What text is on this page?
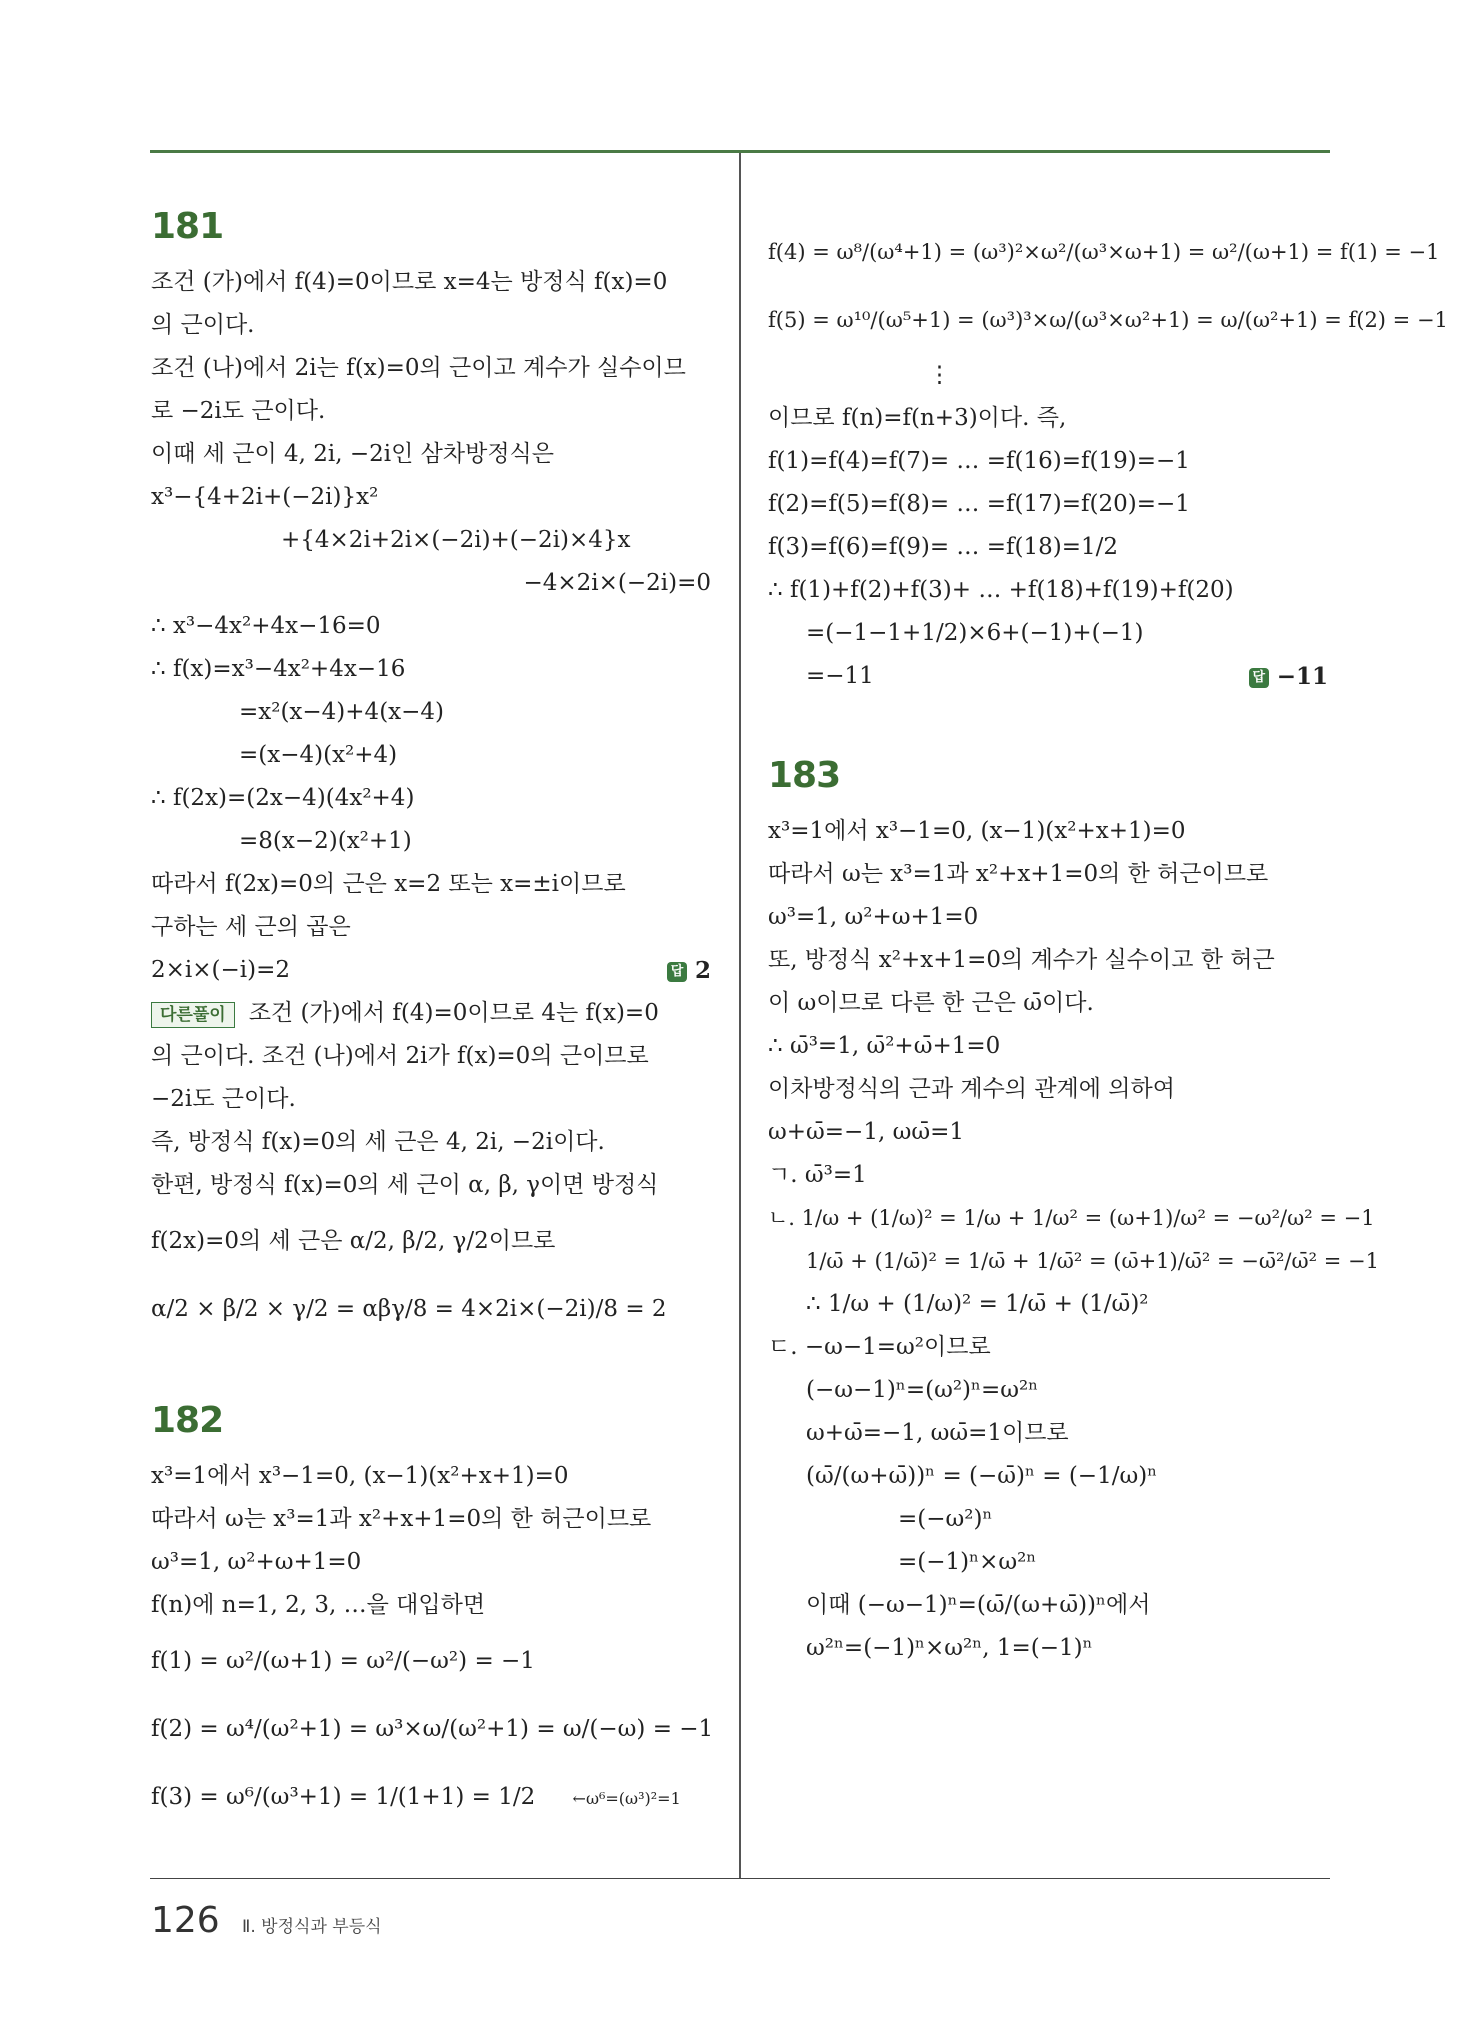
181
조건 (가)에서 f(4)=0이므로 x=4는 방정식 f(x)=0
의 근이다.
조건 (나)에서 2i는 f(x)=0의 근이고 계수가 실수이므
로 −2i도 근이다.
이때 세 근이 4, 2i, −2i인 삼차방정식은
x³−{4+2i+(−2i)}x²
+{4×2i+2i×(−2i)+(−2i)×4}x
−4×2i×(−2i)=0
∴ x³−4x²+4x−16=0
∴ f(x)=x³−4x²+4x−16
=x²(x−4)+4(x−4)
=(x−4)(x²+4)
∴ f(2x)=(2x−4)(4x²+4)
=8(x−2)(x²+1)
따라서 f(2x)=0의 근은 x=2 또는 x=±i이므로
구하는 세 근의 곱은
2×i×(−i)=2	답 2
다른풀이 조건 (가)에서 f(4)=0이므로 4는 f(x)=0
의 근이다. 조건 (나)에서 2i가 f(x)=0의 근이므로
−2i도 근이다.
즉, 방정식 f(x)=0의 세 근은 4, 2i, −2i이다.
한편, 방정식 f(x)=0의 세 근이 α, β, γ이면 방정식
f(2x)=0의 세 근은 α/2, β/2, γ/2이므로
α/2 × β/2 × γ/2 = αβγ/8 = 4×2i×(−2i)/8 = 2
182
x³=1에서 x³−1=0, (x−1)(x²+x+1)=0
따라서 ω는 x³=1과 x²+x+1=0의 한 허근이므로
ω³=1, ω²+ω+1=0
f(n)에 n=1, 2, 3, …을 대입하면
f(1) = ω²/(ω+1) = ω²/(−ω²) = −1
f(2) = ω⁴/(ω²+1) = ω³×ω/(ω²+1) = ω/(−ω) = −1
f(3) = ω⁶/(ω³+1) = 1/(1+1) = 1/2 ←ω⁶=(ω³)²=1
f(4) = ω⁸/(ω⁴+1) = (ω³)²×ω²/(ω³×ω+1) = ω²/(ω+1) = f(1) = −1
f(5) = ω¹⁰/(ω⁵+1) = (ω³)³×ω/(ω³×ω²+1) = ω/(ω²+1) = f(2) = −1
⋮
이므로 f(n)=f(n+3)이다. 즉,
f(1)=f(4)=f(7)= … =f(16)=f(19)=−1
f(2)=f(5)=f(8)= … =f(17)=f(20)=−1
f(3)=f(6)=f(9)= … =f(18)=1/2
∴ f(1)+f(2)+f(3)+ … +f(18)+f(19)+f(20)
=(−1−1+1/2)×6+(−1)+(−1)
=−11	답 −11
183
x³=1에서 x³−1=0, (x−1)(x²+x+1)=0
따라서 ω는 x³=1과 x²+x+1=0의 한 허근이므로
ω³=1, ω²+ω+1=0
또, 방정식 x²+x+1=0의 계수가 실수이고 한 허근
이 ω이므로 다른 한 근은 ω̄이다.
∴ ω̄³=1, ω̄²+ω̄+1=0
이차방정식의 근과 계수의 관계에 의하여
ω+ω̄=−1, ωω̄=1
ㄱ. ω̄³=1
ㄴ. 1/ω + (1/ω)² = 1/ω + 1/ω² = (ω+1)/ω² = −ω²/ω² = −1
1/ω̄ + (1/ω̄)² = 1/ω̄ + 1/ω̄² = (ω̄+1)/ω̄² = −ω̄²/ω̄² = −1
∴ 1/ω + (1/ω)² = 1/ω̄ + (1/ω̄)²
ㄷ. −ω−1=ω²이므로
(−ω−1)ⁿ=(ω²)ⁿ=ω²ⁿ
ω+ω̄=−1, ωω̄=1이므로
(ω̄/(ω+ω̄))ⁿ = (−ω̄)ⁿ = (−1/ω)ⁿ
=(−ω²)ⁿ
=(−1)ⁿ×ω²ⁿ
이때 (−ω−1)ⁿ=(ω̄/(ω+ω̄))ⁿ에서
ω²ⁿ=(−1)ⁿ×ω²ⁿ, 1=(−1)ⁿ
126 Ⅱ. 방정식과 부등식
